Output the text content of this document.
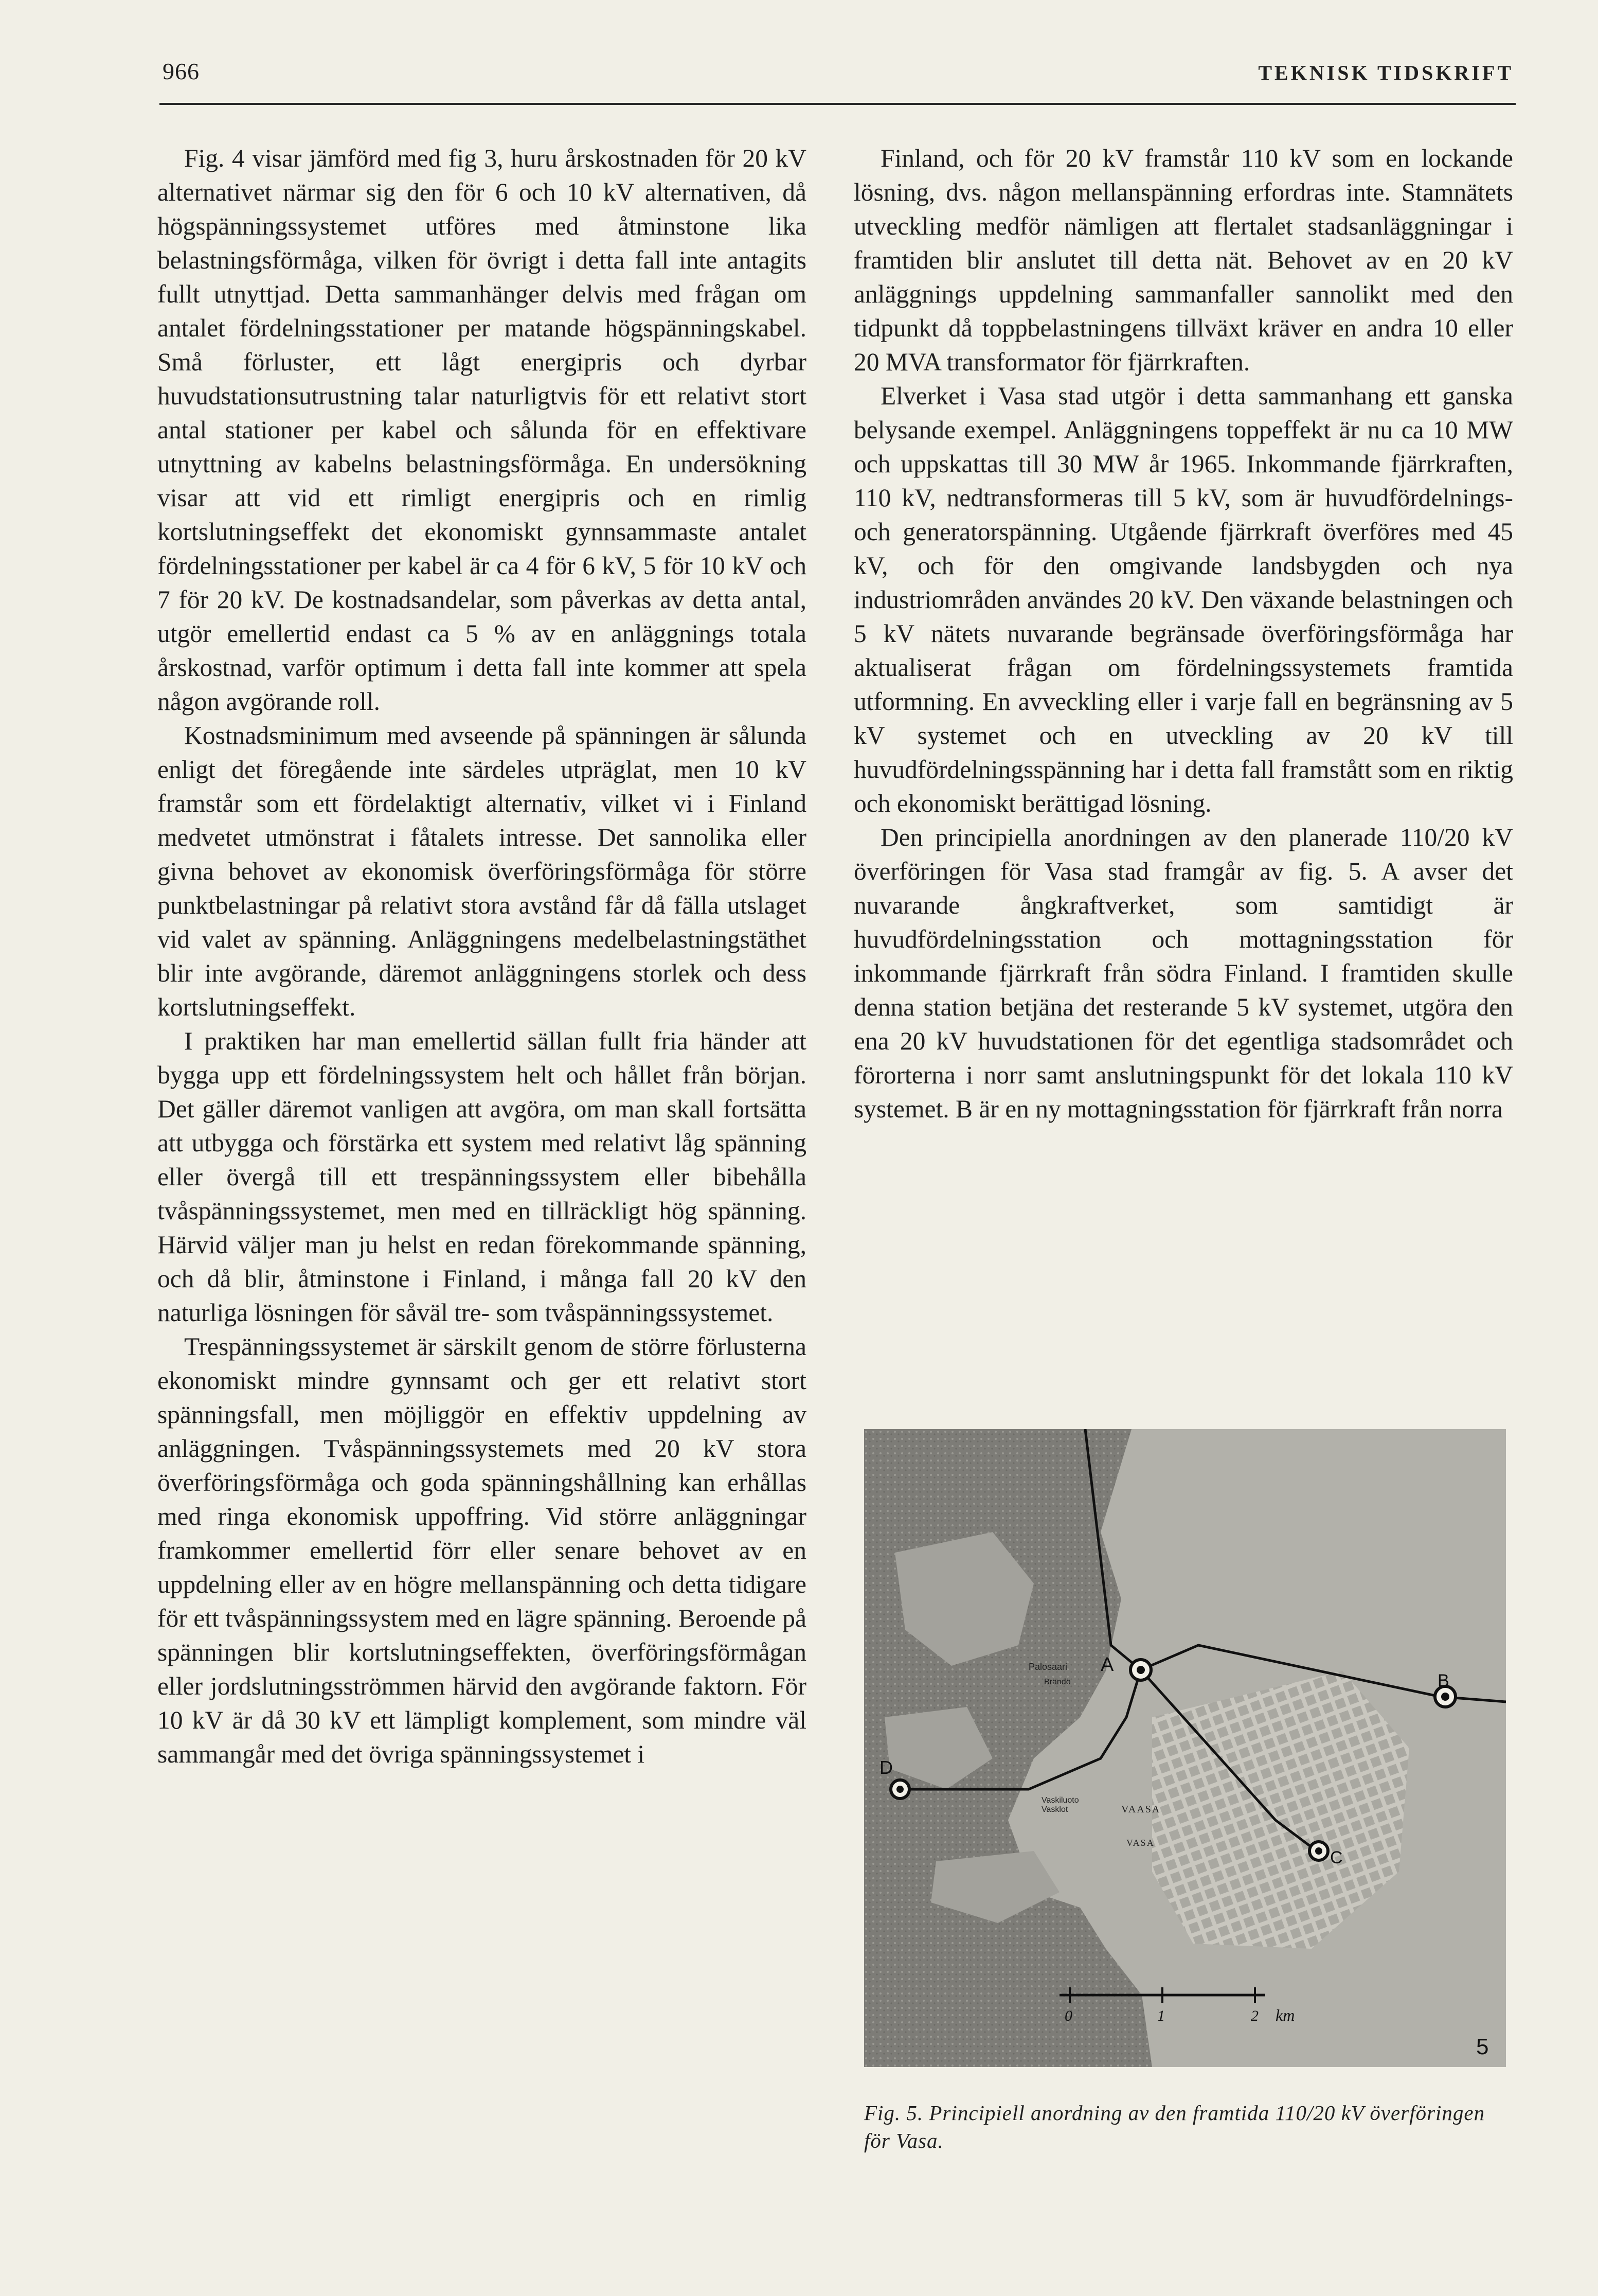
966	TEKNISK TIDSKRIFT

Fig. 4 visar jämförd med fig 3, huru årskostnaden för 20 kV alternativet närmar sig den för 6 och 10 kV alternativen, då högspänningssystemet utföres med åtminstone lika belastningsförmåga, vilken för övrigt i detta fall inte antagits fullt utnyttjad. Detta sammanhänger delvis med frågan om antalet fördelningsstationer per matande högspänningskabel. Små förluster, ett lågt energipris och dyrbar huvudstationsutrustning talar naturligtvis för ett relativt stort antal stationer per kabel och sålunda för en effektivare utnyttning av kabelns belastningsförmåga. En undersökning visar att vid ett rimligt energipris och en rimlig kortslutningseffekt det ekonomiskt gynnsammaste antalet fördelningsstationer per kabel är ca 4 för 6 kV, 5 för 10 kV och 7 för 20 kV. De kostnadsandelar, som påverkas av detta antal, utgör emellertid endast ca 5 % av en anläggnings totala årskostnad, varför optimum i detta fall inte kommer att spela någon avgörande roll.

Kostnadsminimum med avseende på spänningen är sålunda enligt det föregående inte särdeles utpräglat, men 10 kV framstår som ett fördelaktigt alternativ, vilket vi i Finland medvetet utmönstrat i fåtalets intresse. Det sannolika eller givna behovet av ekonomisk överföringsförmåga för större punktbelastningar på relativt stora avstånd får då fälla utslaget vid valet av spänning. Anläggningens medelbelastningstäthet blir inte avgörande, däremot anläggningens storlek och dess kortslutningseffekt.

I praktiken har man emellertid sällan fullt fria händer att bygga upp ett fördelningssystem helt och hållet från början. Det gäller däremot vanligen att avgöra, om man skall fortsätta att utbygga och förstärka ett system med relativt låg spänning eller övergå till ett trespänningssystem eller bibehålla tvåspänningssystemet, men med en tillräckligt hög spänning. Härvid väljer man ju helst en redan förekommande spänning, och då blir, åtminstone i Finland, i många fall 20 kV den naturliga lösningen för såväl tre- som tvåspänningssystemet.

Trespänningssystemet är särskilt genom de större förlusterna ekonomiskt mindre gynnsamt och ger ett relativt stort spänningsfall, men möjliggör en effektiv uppdelning av anläggningen. Tvåspänningssystemets med 20 kV stora överföringsförmåga och goda spänningshållning kan erhållas med ringa ekonomisk uppoffring. Vid större anläggningar framkommer emellertid förr eller senare behovet av en uppdelning eller av en högre mellanspänning och detta tidigare för ett tvåspänningssystem med en lägre spänning. Beroende på spänningen blir kortslutningseffekten, överföringsförmågan eller jordslutningsströmmen härvid den avgörande faktorn. För 10 kV är då 30 kV ett lämpligt komplement, som mindre väl sammangår med det övriga spänningssystemet i

Finland, och för 20 kV framstår 110 kV som en lockande lösning, dvs. någon mellanspänning erfordras inte. Stamnätets utveckling medför nämligen att flertalet stadsanläggningar i framtiden blir anslutet till detta nät. Behovet av en 20 kV anläggnings uppdelning sammanfaller sannolikt med den tidpunkt då toppbelastningens tillväxt kräver en andra 10 eller 20 MVA transformator för fjärrkraften.

Elverket i Vasa stad utgör i detta sammanhang ett ganska belysande exempel. Anläggningens toppeffekt är nu ca 10 MW och uppskattas till 30 MW år 1965. Inkommande fjärrkraften, 110 kV, nedtransformeras till 5 kV, som är huvudfördelnings- och generatorspänning. Utgående fjärrkraft överföres med 45 kV, och för den omgivande landsbygden och nya industriområden användes 20 kV. Den växande belastningen och 5 kV nätets nuvarande begränsade överföringsförmåga har aktualiserat frågan om fördelningssystemets framtida utformning. En avveckling eller i varje fall en begränsning av 5 kV systemet och en utveckling av 20 kV till huvudfördelningsspänning har i detta fall framstått som en riktig och ekonomiskt berättigad lösning.

Den principiella anordningen av den planerade 110/20 kV överföringen för Vasa stad framgår av fig. 5. A avser det nuvarande ångkraftverket, som samtidigt är huvudfördelningsstation och mottagningsstation för inkommande fjärrkraft från södra Finland. I framtiden skulle denna station betjäna det resterande 5 kV systemet, utgöra den ena 20 kV huvudstationen för det egentliga stadsområdet och förorterna i norr samt anslutningspunkt för det lokala 110 kV systemet. B är en ny mottagningsstation för fjärrkraft från norra

Palosaari
Brändö
Vaskiluoto
Vasklot	VAASA
VASA
A
B
C
D
0	1	2 km
5
Fig. 5. Principiell anordning av den framtida 110/20 kV överföringen för Vasa.
